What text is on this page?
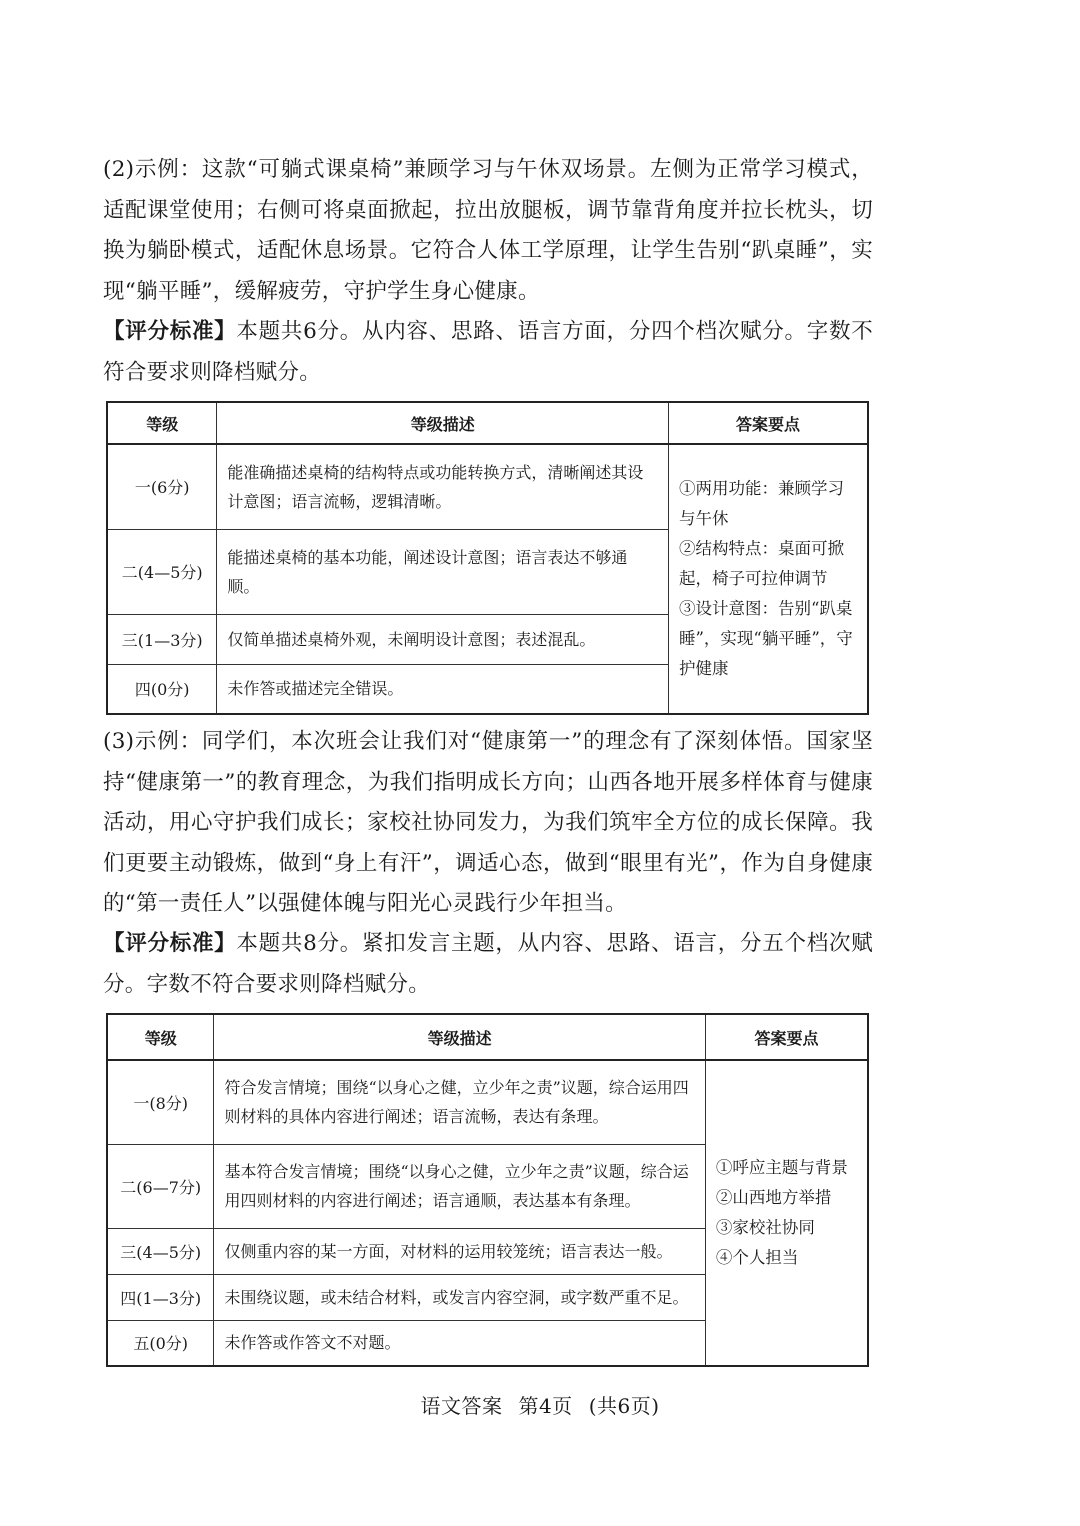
(2)示例：这款“可躺式课桌椅”兼顾学习与午休双场景。左侧为正常学习模式，适配课堂使用；右侧可将桌面掀起，拉出放腿板，调节靠背角度并拉长枕头，切换为躺卧模式，适配休息场景。它符合人体工学原理，让学生告别“趴桌睡”，实现“躺平睡”，缓解疲劳，守护学生身心健康。

【评分标准】本题共6分。从内容、思路、语言方面，分四个档次赋分。字数不符合要求则降档赋分。

等级	等级描述	答案要点
一(6分)	能准确描述桌椅的结构特点或功能转换方式，清晰阐述其设计意图；语言流畅，逻辑清晰。	①两用功能：兼顾学习与午休
②结构特点：桌面可掀起，椅子可拉伸调节
③设计意图：告别“趴桌睡”，实现“躺平睡”，守护健康

二(4—5分)	能描述桌椅的基本功能，阐述设计意图；语言表达不够通顺。	
三(1—3分)	仅简单描述桌椅外观，未阐明设计意图；表述混乱。	
四(0分)	未作答或描述完全错误。	

(3)示例：同学们，本次班会让我们对“健康第一”的理念有了深刻体悟。国家坚持“健康第一”的教育理念，为我们指明成长方向；山西各地开展多样体育与健康活动，用心守护我们成长；家校社协同发力，为我们筑牢全方位的成长保障。我们更要主动锻炼，做到“身上有汗”，调适心态，做到“眼里有光”，作为自身健康的“第一责任人”以强健体魄与阳光心灵践行少年担当。

【评分标准】本题共8分。紧扣发言主题，从内容、思路、语言，分五个档次赋分。字数不符合要求则降档赋分。

等级	等级描述	答案要点
一(8分)	符合发言情境；围绕“以身心之健，立少年之责”议题，综合运用四则材料的具体内容进行阐述；语言流畅，表达有条理。	①呼应主题与背景
②山西地方举措
③家校社协同
④个人担当

二(6—7分)	基本符合发言情境；围绕“以身心之健，立少年之责”议题，综合运用四则材料的内容进行阐述；语言通顺，表达基本有条理。	
三(4—5分)	仅侧重内容的某一方面，对材料的运用较笼统；语言表达一般。	
四(1—3分)	未围绕议题，或未结合材料，或发言内容空洞，或字数严重不足。	
五(0分)	未作答或作答文不对题。	
语文答案 第4页 (共6页)
